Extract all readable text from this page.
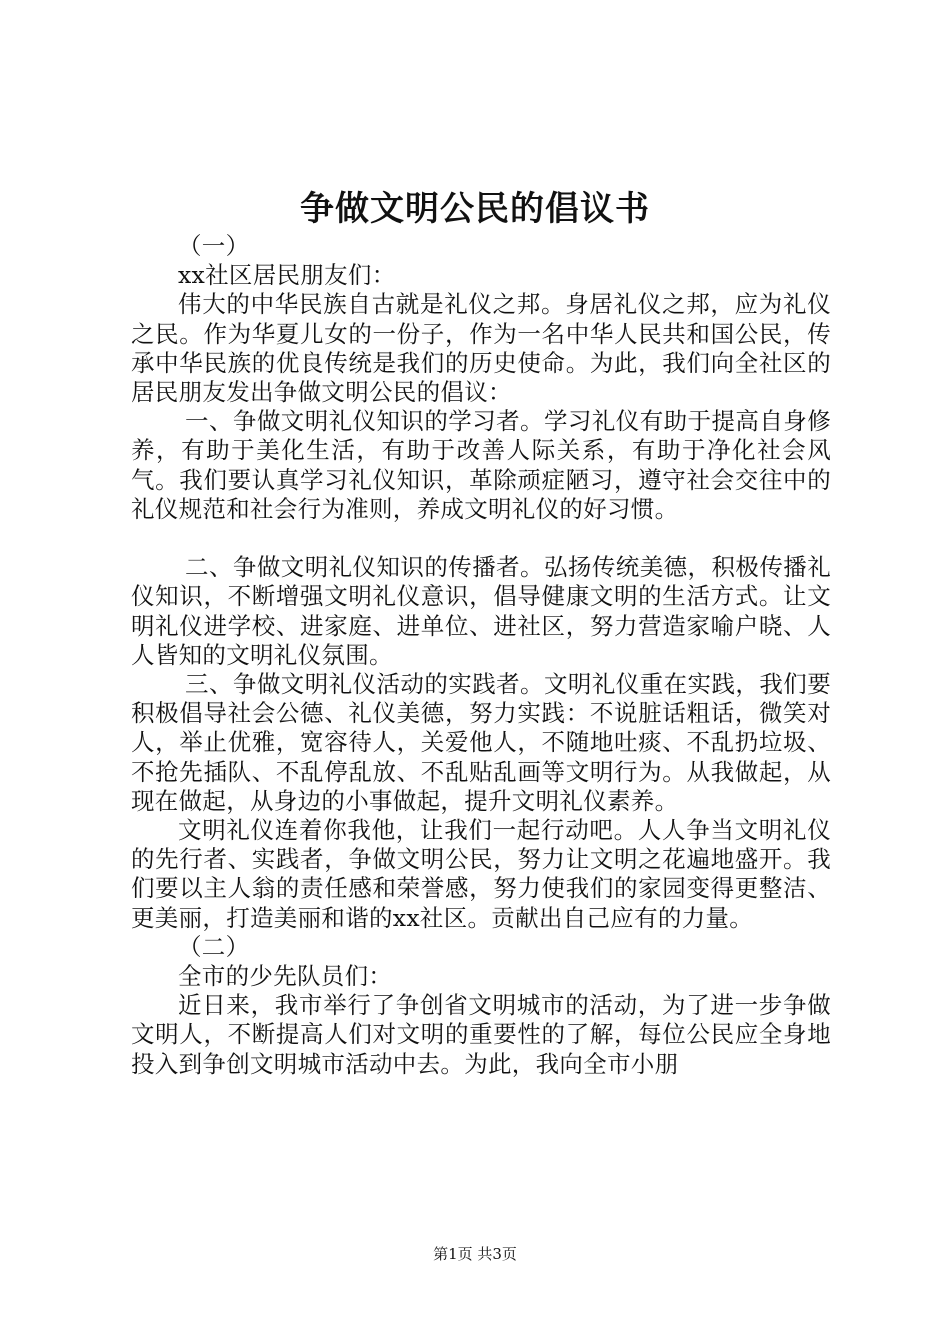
争做文明公民的倡议书

（一）

xx社区居民朋友们：

伟大的中华民族自古就是礼仪之邦。身居礼仪之邦，应为礼仪之民。作为华夏儿女的一份子，作为一名中华人民共和国公民，传承中华民族的优良传统是我们的历史使命。为此，我们向全社区的居民朋友发出争做文明公民的倡议：

一、争做文明礼仪知识的学习者。学习礼仪有助于提高自身修养，有助于美化生活，有助于改善人际关系，有助于净化社会风气。我们要认真学习礼仪知识，革除顽症陋习，遵守社会交往中的礼仪规范和社会行为准则，养成文明礼仪的好习惯。

二、争做文明礼仪知识的传播者。弘扬传统美德，积极传播礼仪知识，不断增强文明礼仪意识，倡导健康文明的生活方式。让文明礼仪进学校、进家庭、进单位、进社区，努力营造家喻户晓、人人皆知的文明礼仪氛围。

三、争做文明礼仪活动的实践者。文明礼仪重在实践，我们要积极倡导社会公德、礼仪美德，努力实践：不说脏话粗话，微笑对人，举止优雅，宽容待人，关爱他人，不随地吐痰、不乱扔垃圾、不抢先插队、不乱停乱放、不乱贴乱画等文明行为。从我做起，从现在做起，从身边的小事做起，提升文明礼仪素养。

文明礼仪连着你我他，让我们一起行动吧。人人争当文明礼仪的先行者、实践者，争做文明公民，努力让文明之花遍地盛开。我们要以主人翁的责任感和荣誉感，努力使我们的家园变得更整洁、更美丽，打造美丽和谐的xx社区。贡献出自己应有的力量。

（二）

全市的少先队员们：

近日来，我市举行了争创省文明城市的活动，为了进一步争做文明人，不断提高人们对文明的重要性的了解，每位公民应全身地投入到争创文明城市活动中去。为此，我向全市小朋

第1页 共3页
